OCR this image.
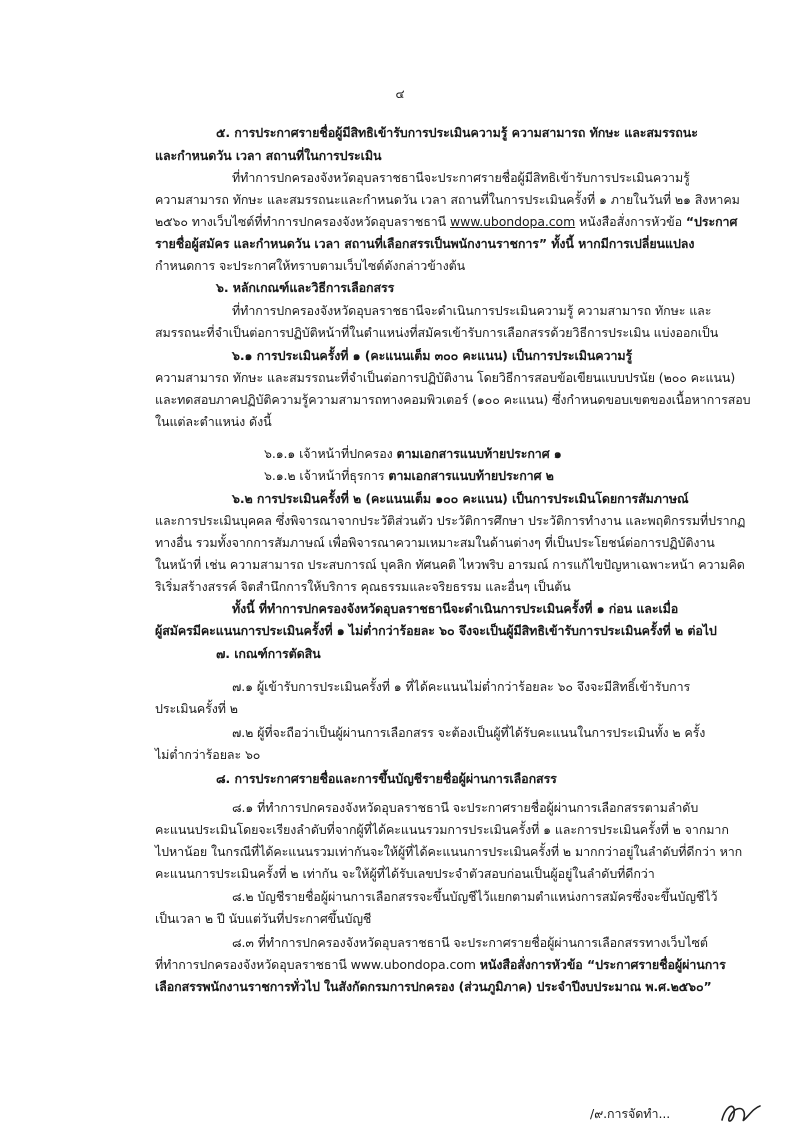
๔
๕. การประกาศรายชื่อผู้มีสิทธิเข้ารับการประเมินความรู้ ความสามารถ ทักษะ และสมรรถนะ
และกำหนดวัน เวลา สถานที่ในการประเมิน
ที่ทำการปกครองจังหวัดอุบลราชธานีจะประกาศรายชื่อผู้มีสิทธิเข้ารับการประเมินความรู้
ความสามารถ ทักษะ และสมรรถนะและกำหนดวัน เวลา สถานที่ในการประเมินครั้งที่ ๑ ภายในวันที่ ๒๑ สิงหาคม
๒๕๖๐ ทางเว็บไซต์ที่ทำการปกครองจังหวัดอุบลราชธานี www.ubondopa.com หนังสือสั่งการหัวข้อ “ประกาศ
รายชื่อผู้สมัคร และกำหนดวัน เวลา สถานที่เลือกสรรเป็นพนักงานราชการ” ทั้งนี้ หากมีการเปลี่ยนแปลง
กำหนดการ จะประกาศให้ทราบตามเว็บไซต์ดังกล่าวข้างต้น
๖. หลักเกณฑ์และวิธีการเลือกสรร
ที่ทำการปกครองจังหวัดอุบลราชธานีจะดำเนินการประเมินความรู้ ความสามารถ ทักษะ และ
สมรรถนะที่จำเป็นต่อการปฏิบัติหน้าที่ในตำแหน่งที่สมัครเข้ารับการเลือกสรรด้วยวิธีการประเมิน แบ่งออกเป็น
๖.๑ การประเมินครั้งที่ ๑ (คะแนนเต็ม ๓๐๐ คะแนน) เป็นการประเมินความรู้
ความสามารถ ทักษะ และสมรรถนะที่จำเป็นต่อการปฏิบัติงาน โดยวิธีการสอบข้อเขียนแบบปรนัย (๒๐๐ คะแนน)
และทดสอบภาคปฏิบัติความรู้ความสามารถทางคอมพิวเตอร์ (๑๐๐ คะแนน) ซึ่งกำหนดขอบเขตของเนื้อหาการสอบ
ในแต่ละตำแหน่ง ดังนี้
๖.๑.๑ เจ้าหน้าที่ปกครอง ตามเอกสารแนบท้ายประกาศ ๑
๖.๑.๒ เจ้าหน้าที่ธุรการ ตามเอกสารแนบท้ายประกาศ ๒
๖.๒ การประเมินครั้งที่ ๒ (คะแนนเต็ม ๑๐๐ คะแนน) เป็นการประเมินโดยการสัมภาษณ์
และการประเมินบุคคล ซึ่งพิจารณาจากประวัติส่วนตัว ประวัติการศึกษา ประวัติการทำงาน และพฤติกรรมที่ปรากฏ
ทางอื่น รวมทั้งจากการสัมภาษณ์ เพื่อพิจารณาความเหมาะสมในด้านต่างๆ ที่เป็นประโยชน์ต่อการปฏิบัติงาน
ในหน้าที่ เช่น ความสามารถ ประสบการณ์ บุคลิก ทัศนคติ ไหวพริบ อารมณ์ การแก้ไขปัญหาเฉพาะหน้า ความคิด
ริเริ่มสร้างสรรค์ จิตสำนึกการให้บริการ คุณธรรมและจริยธรรม และอื่นๆ เป็นต้น
ทั้งนี้ ที่ทำการปกครองจังหวัดอุบลราชธานีจะดำเนินการประเมินครั้งที่ ๑ ก่อน และเมื่อ
ผู้สมัครมีคะแนนการประเมินครั้งที่ ๑ ไม่ต่ำกว่าร้อยละ ๖๐ จึงจะเป็นผู้มีสิทธิเข้ารับการประเมินครั้งที่ ๒ ต่อไป
๗. เกณฑ์การตัดสิน
๗.๑ ผู้เข้ารับการประเมินครั้งที่ ๑ ที่ได้คะแนนไม่ต่ำกว่าร้อยละ ๖๐ จึงจะมีสิทธิ์เข้ารับการ
ประเมินครั้งที่ ๒
๗.๒ ผู้ที่จะถือว่าเป็นผู้ผ่านการเลือกสรร จะต้องเป็นผู้ที่ได้รับคะแนนในการประเมินทั้ง ๒ ครั้ง
ไม่ต่ำกว่าร้อยละ ๖๐
๘. การประกาศรายชื่อและการขึ้นบัญชีรายชื่อผู้ผ่านการเลือกสรร
๘.๑ ที่ทำการปกครองจังหวัดอุบลราชธานี จะประกาศรายชื่อผู้ผ่านการเลือกสรรตามลำดับ
คะแนนประเมินโดยจะเรียงลำดับที่จากผู้ที่ได้คะแนนรวมการประเมินครั้งที่ ๑ และการประเมินครั้งที่ ๒ จากมาก
ไปหาน้อย ในกรณีที่ได้คะแนนรวมเท่ากันจะให้ผู้ที่ได้คะแนนการประเมินครั้งที่ ๒ มากกว่าอยู่ในลำดับที่ดีกว่า หาก
คะแนนการประเมินครั้งที่ ๒ เท่ากัน จะให้ผู้ที่ได้รับเลขประจำตัวสอบก่อนเป็นผู้อยู่ในลำดับที่ดีกว่า
๘.๒ บัญชีรายชื่อผู้ผ่านการเลือกสรรจะขึ้นบัญชีไว้แยกตามตำแหน่งการสมัครซึ่งจะขึ้นบัญชีไว้
เป็นเวลา ๒ ปี นับแต่วันที่ประกาศขึ้นบัญชี
๘.๓ ที่ทำการปกครองจังหวัดอุบลราชธานี จะประกาศรายชื่อผู้ผ่านการเลือกสรรทางเว็บไซต์
ที่ทำการปกครองจังหวัดอุบลราชธานี www.ubondopa.com หนังสือสั่งการหัวข้อ “ประกาศรายชื่อผู้ผ่านการ
เลือกสรรพนักงานราชการทั่วไป ในสังกัดกรมการปกครอง (ส่วนภูมิภาค) ประจำปีงบประมาณ พ.ศ.๒๕๖๐”
/๙.การจัดทำ...
